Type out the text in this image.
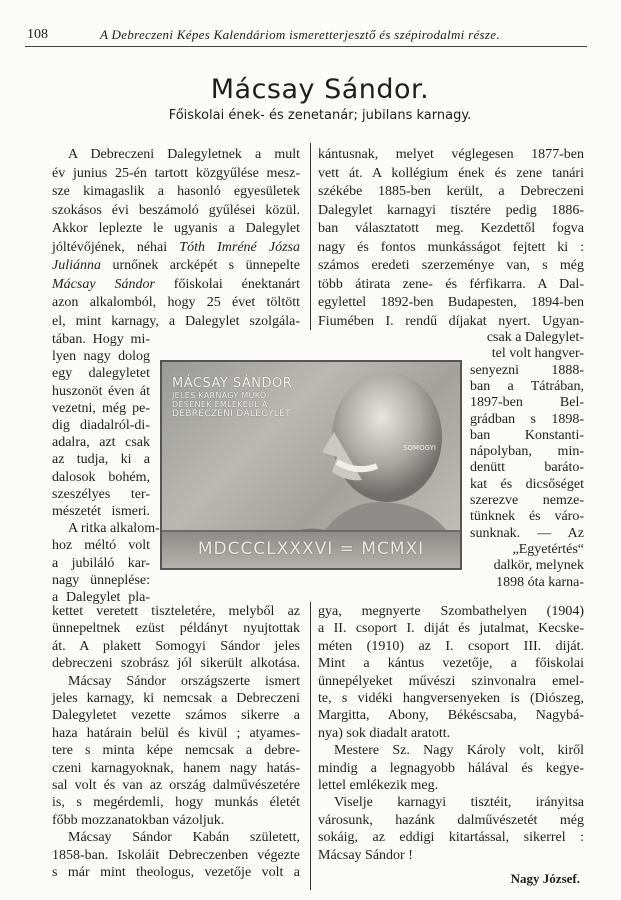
108	A Debreczeni Képes Kalendáriom ismeretterjesztő és szépirodalmi része.
Mácsay Sándor.
Főiskolai ének- és zenetanár; jubilans karnagy.
A Debreczeni Dalegyletnek a mult
év junius 25-én tartott közgyűlése mesz-
sze kimagaslik a hasonló egyesületek
szokásos évi beszámoló gyűlései közül.
Akkor leplezte le ugyanis a Dalegylet
jóltévőjének, néhai Tóth Imréné Józsa
Juliánna urnőnek arcképét s ünnepelte
Mácsay Sándor főiskolai énektanárt
azon alkalomból, hogy 25 évet töltött
el, mint karnagy, a Dalegylet szolgála-
tában. Hogy mi-
lyen nagy dolog
egy dalegyletet
huszonöt éven át
vezetni, még pe-
dig diadalról-di-
adalra, azt csak
az tudja, ki a
dalosok bohém,
szeszélyes ter-
mészetét ismeri.
A ritka alkalom-
hoz méltó volt
a jubiláló kar-
nagy ünneplése:
a Dalegylet pla-
kettet veretett tiszteletére, melyből az
ünnepeltnek ezüst példányt nyujtottak
át. A plakett Somogyi Sándor jeles
debreczeni szobrász jól sikerült alkotása.
Mácsay Sándor országszerte ismert
jeles karnagy, ki nemcsak a Debreczeni
Dalegyletet vezette számos sikerre a
haza határain belül és kivül ; atyames-
tere s minta képe nemcsak a debre-
czeni karnagyoknak, hanem nagy hatás-
sal volt és van az ország dalművészetére
is, s megérdemli, hogy munkás életét
főbb mozzanatokban vázoljuk.
Mácsay Sándor Kabán született,
1858-ban. Iskoláit Debreczenben végezte
s már mint theologus, vezetője volt a
kántusnak, melyet véglegesen 1877-ben
vett át. A kollégium ének és zene tanári
székébe 1885-ben került, a Debreczeni
Dalegylet karnagyi tisztére pedig 1886-
ban választatott meg. Kezdettől fogva
nagy és fontos munkásságot fejtett ki :
számos eredeti szerzeménye van, s még
több átirata zene- és férfikarra. A Dal-
egylettel 1892-ben Budapesten, 1894-ben
Fiumében I. rendű díjakat nyert. Ugyan-
csak a Dalegylet-
tel volt hangver-
senyezni 1888-
ban a Tátrában,
1897-ben Bel-
grádban s 1898-
ban Konstanti-
nápolyban, min-
denütt baráto-
kat és dicsőséget
szerezve nemze-
tünknek és váro-
sunknak. — Az
„Egyetértés“
dalkör, melynek
1898 óta karna-
gya, megnyerte Szombathelyen (1904)
a II. csoport I. diját és jutalmat, Kecske-
méten (1910) az I. csoport III. diját.
Mint a kántus vezetője, a főiskolai
ünnepélyeket művészi szinvonalra emel-
te, s vidéki hangversenyeken is (Diószeg,
Margitta, Abony, Békéscsaba, Nagybá-
nya) sok diadalt aratott.
Mestere Sz. Nagy Károly volt, kiről
mindig a legnagyobb hálával és kegye-
lettel emlékezik meg.
Viselje karnagyi tisztéit, irányitsa
városunk, hazánk dalművészetét még
sokáig, az eddigi kitartással, sikerrel :
Mácsay Sándor !
Nagy József.
MÁCSAY SÁNDOR
JELES KARNAGY MŰKÖ-
DÉSÉNEK EMLÉKÉÜL A
DEBRECZENI DALEGYLET
SOMOGYI
MDCCCLXXXVI = MCMXI
